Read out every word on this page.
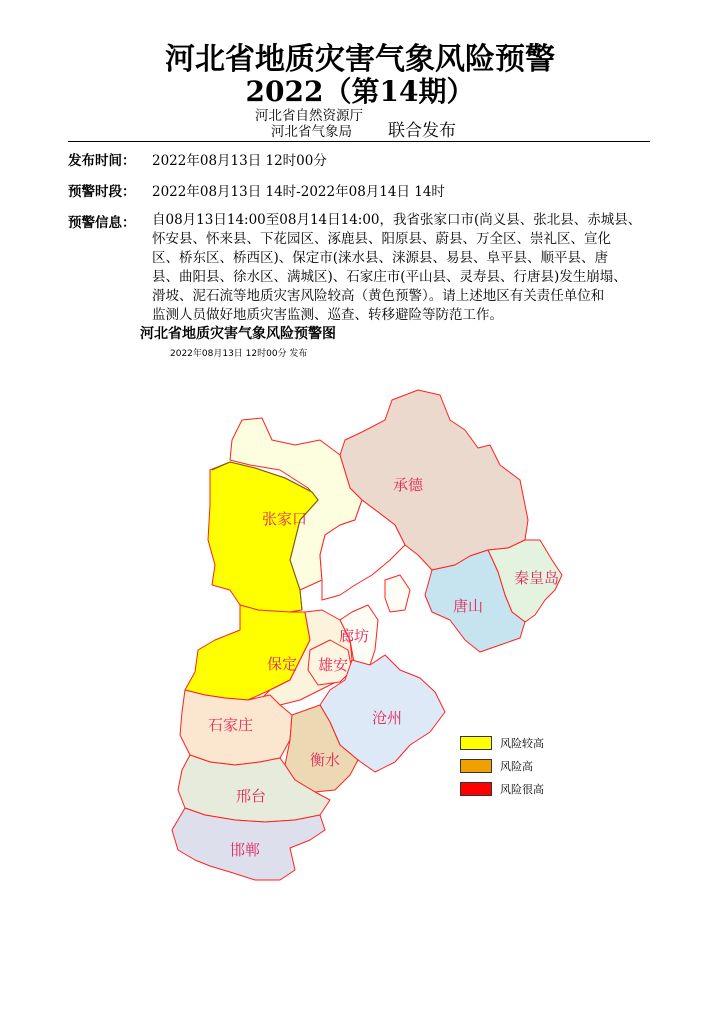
河北省地质灾害气象风险预警
2022（第14期）
河北省自然资源厅
河北省气象局	联合发布
发布时间： 2022年08月13日 12时00分
预警时段： 2022年08月13日 14时-2022年08月14日 14时
预警信息： 自08月13日14:00至08月14日14:00，我省张家口市(尚义县、张北县、赤城县、
怀安县、怀来县、下花园区、涿鹿县、阳原县、蔚县、万全区、崇礼区、宣化
区、桥东区、桥西区)、保定市(涞水县、涞源县、易县、阜平县、顺平县、唐
县、曲阳县、徐水区、满城区)、石家庄市(平山县、灵寿县、行唐县)发生崩塌、
滑坡、泥石流等地质灾害风险较高（黄色预警）。请上述地区有关责任单位和
监测人员做好地质灾害监测、巡查、转移避险等防范工作。
河北省地质灾害气象风险预警图
2022年08月13日 12时00分 发布
张家口
承德
秦皇岛
唐山
廊坊
保定 雄安
沧州
石家庄
衡水
邢台
邯郸
风险较高
风险高
风险很高
